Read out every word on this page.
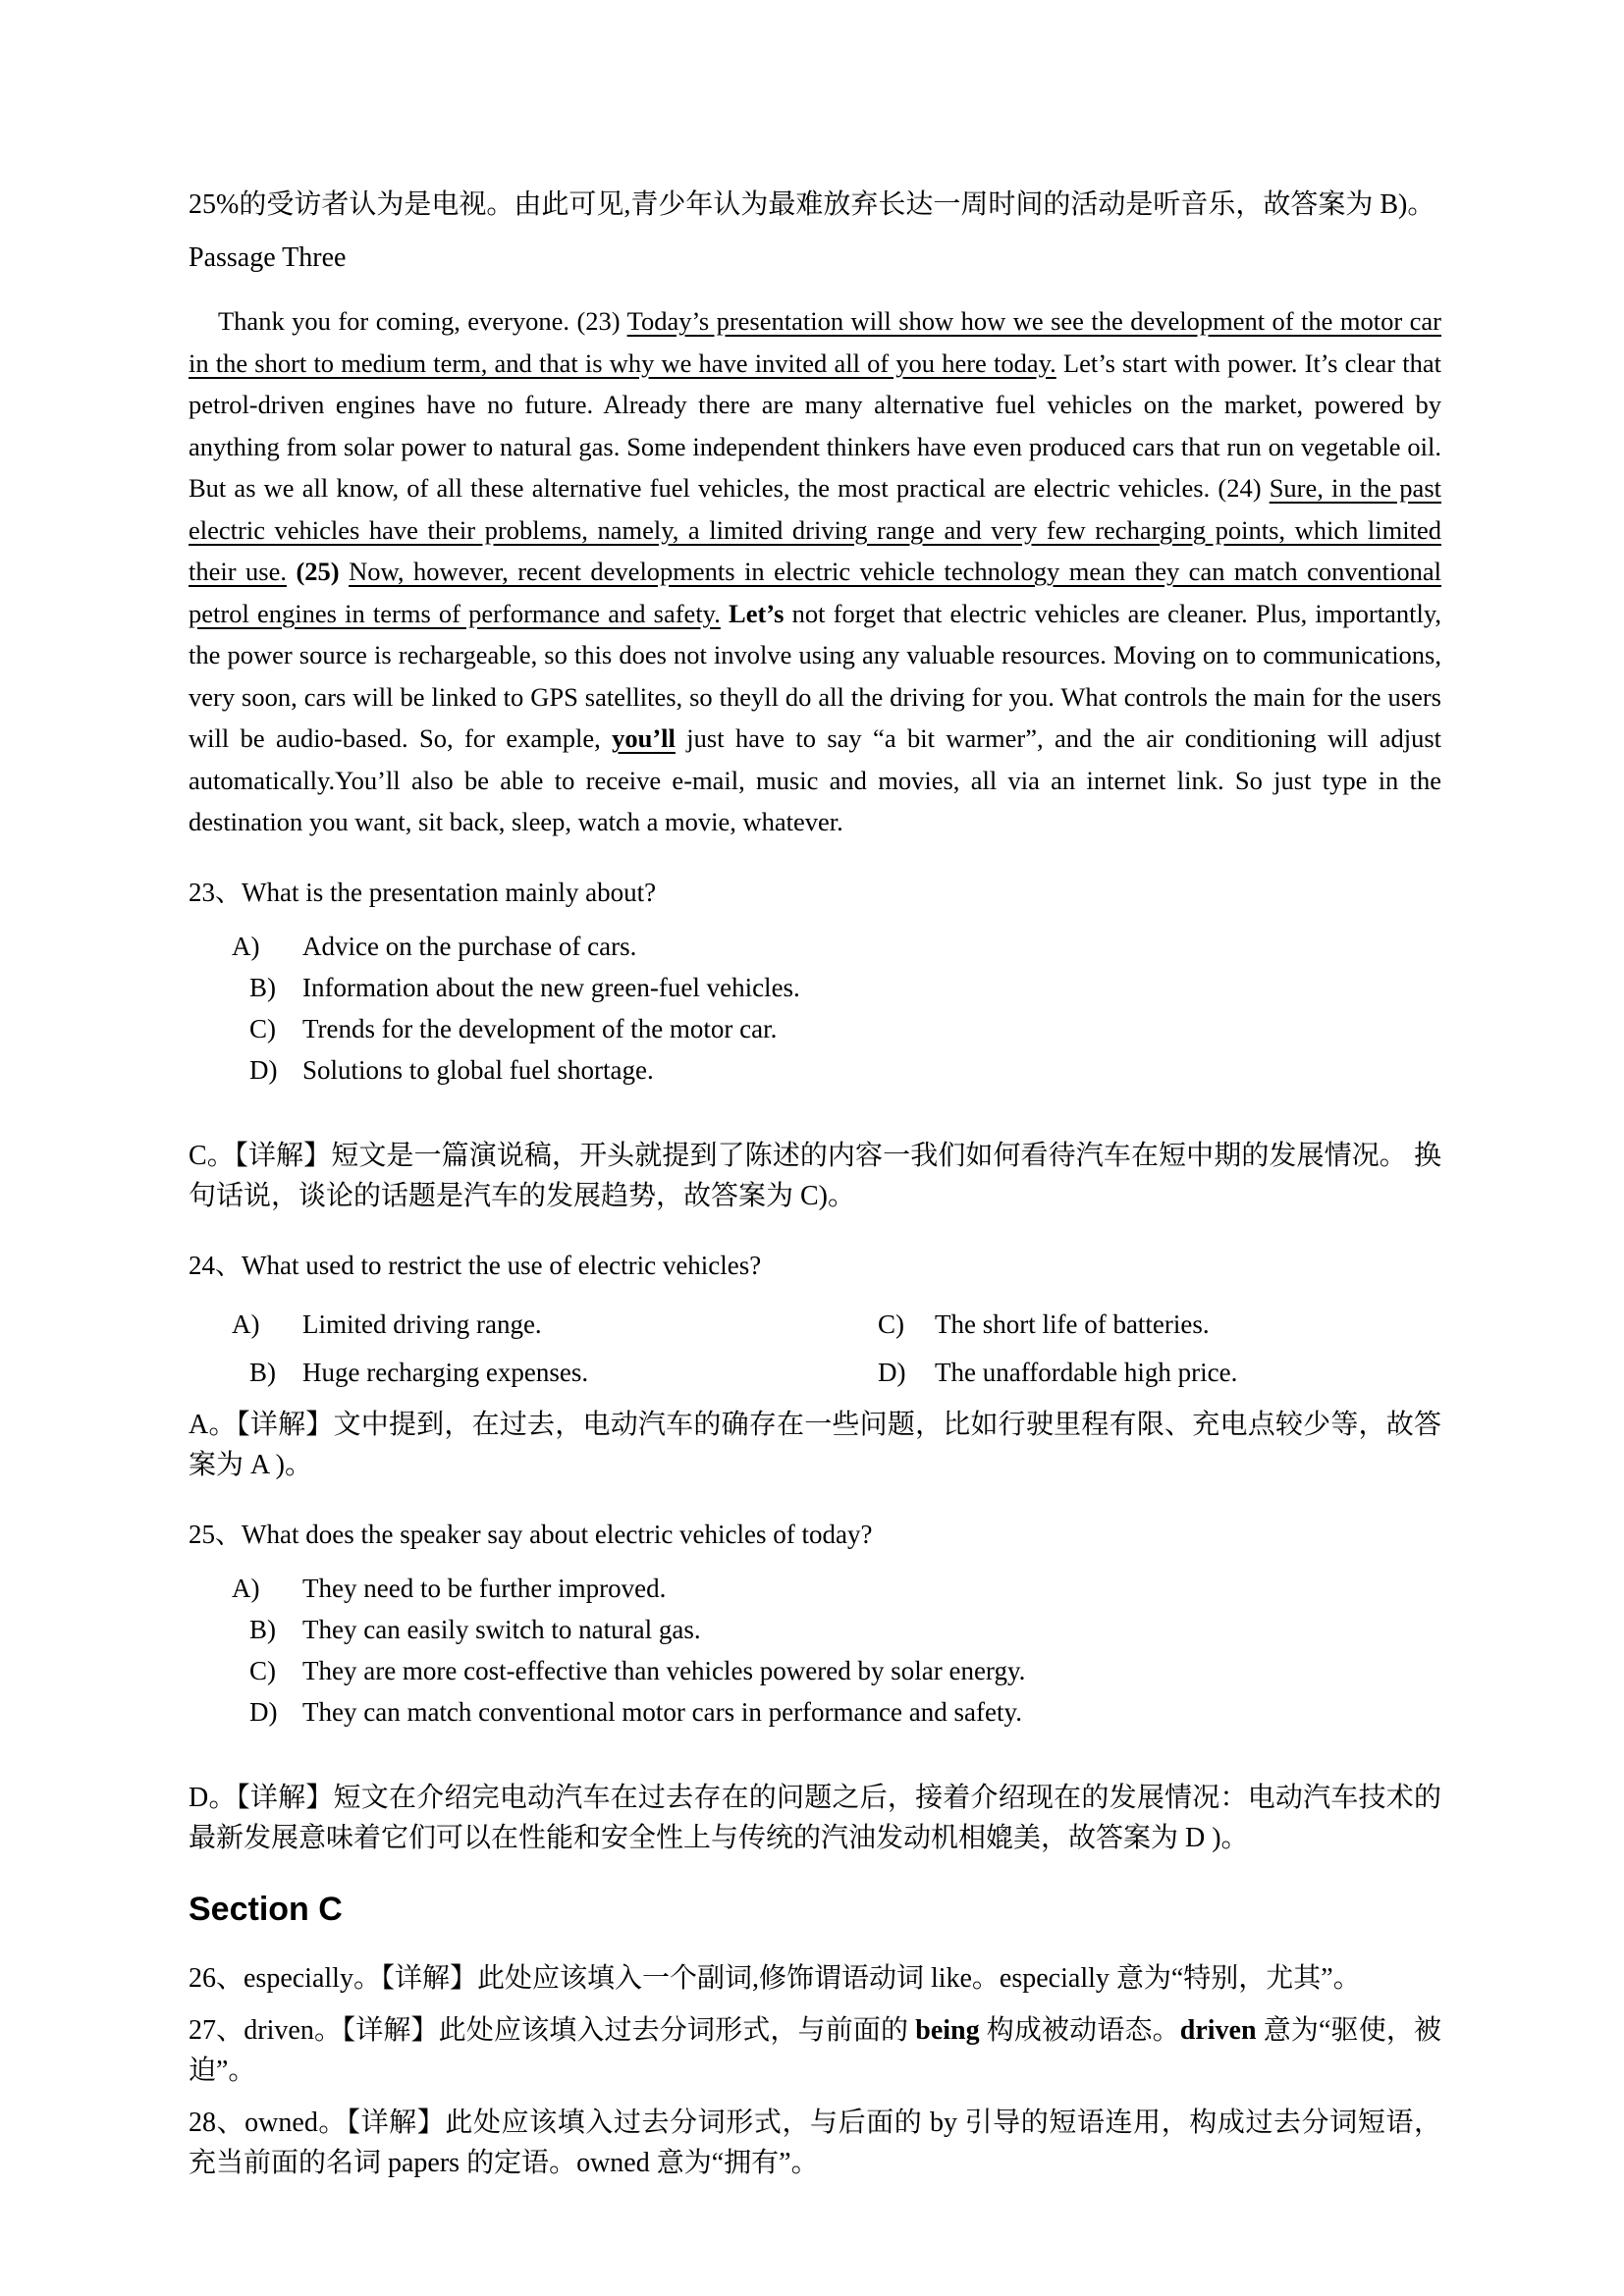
25%的受访者认为是电视。由此可见,青少年认为最难放弃长达一周时间的活动是听音乐，故答案为 B)。

Passage Three

Thank you for coming, everyone. (23) Today’s presentation will show how we see the development of the motor car in the short to medium term, and that is why we have invited all of you here today. Let’s start with power. It’s clear that petrol-driven engines have no future. Already there are many alternative fuel vehicles on the market, powered by anything from solar power to natural gas. Some independent thinkers have even produced cars that run on vegetable oil. But as we all know, of all these alternative fuel vehicles, the most practical are electric vehicles. (24) Sure, in the past electric vehicles have their problems, namely, a limited driving range and very few recharging points, which limited their use. (25) Now, however, recent developments in electric vehicle technology mean they can match conventional petrol engines in terms of performance and safety. Let’s not forget that electric vehicles are cleaner. Plus, importantly, the power source is rechargeable, so this does not involve using any valuable resources. Moving on to communications, very soon, cars will be linked to GPS satellites, so theyll do all the driving for you. What controls the main for the users will be audio-based. So, for example, you’ll just have to say “a bit warmer”, and the air conditioning will adjust automatically.You’ll also be able to receive e-mail, music and movies, all via an internet link. So just type in the destination you want, sit back, sleep, watch a movie, whatever.

23、What is the presentation mainly about?

A)	Advice on the purchase of cars.
B)	Information about the new green-fuel vehicles.
C)	Trends for the development of the motor car.
D) Solutions to global fuel shortage.

C。【详解】短文是一篇演说稿，开头就提到了陈述的内容一我们如何看待汽车在短中期的发展情况。 换句话说，谈论的话题是汽车的发展趋势，故答案为 C)。

24、What used to restrict the use of electric vehicles?

A)	Limited driving range.	C)	The short life of batteries.
B)	Huge recharging expenses.	D)	The unaffordable high price.

A。【详解】文中提到，在过去，电动汽车的确存在一些问题，比如行驶里程有限、充电点较少等，故答案为 A )。

25、What does the speaker say about electric vehicles of today?

A)	They need to be further improved.
B)	They can easily switch to natural gas.
C)	They are more cost-effective than vehicles powered by solar energy.
D) They can match conventional motor cars in performance and safety.

D。【详解】短文在介绍完电动汽车在过去存在的问题之后，接着介绍现在的发展情况：电动汽车技术的最新发展意味着它们可以在性能和安全性上与传统的汽油发动机相媲美，故答案为 D )。

Section C

26、especially。【详解】此处应该填入一个副词,修饰谓语动词 like。especially 意为“特别，尤其”。

27、driven。【详解】此处应该填入过去分词形式，与前面的 being 构成被动语态。driven 意为“驱使，被迫”。

28、owned。【详解】此处应该填入过去分词形式，与后面的 by 引导的短语连用，构成过去分词短语，充当前面的名词 papers 的定语。owned 意为“拥有”。
